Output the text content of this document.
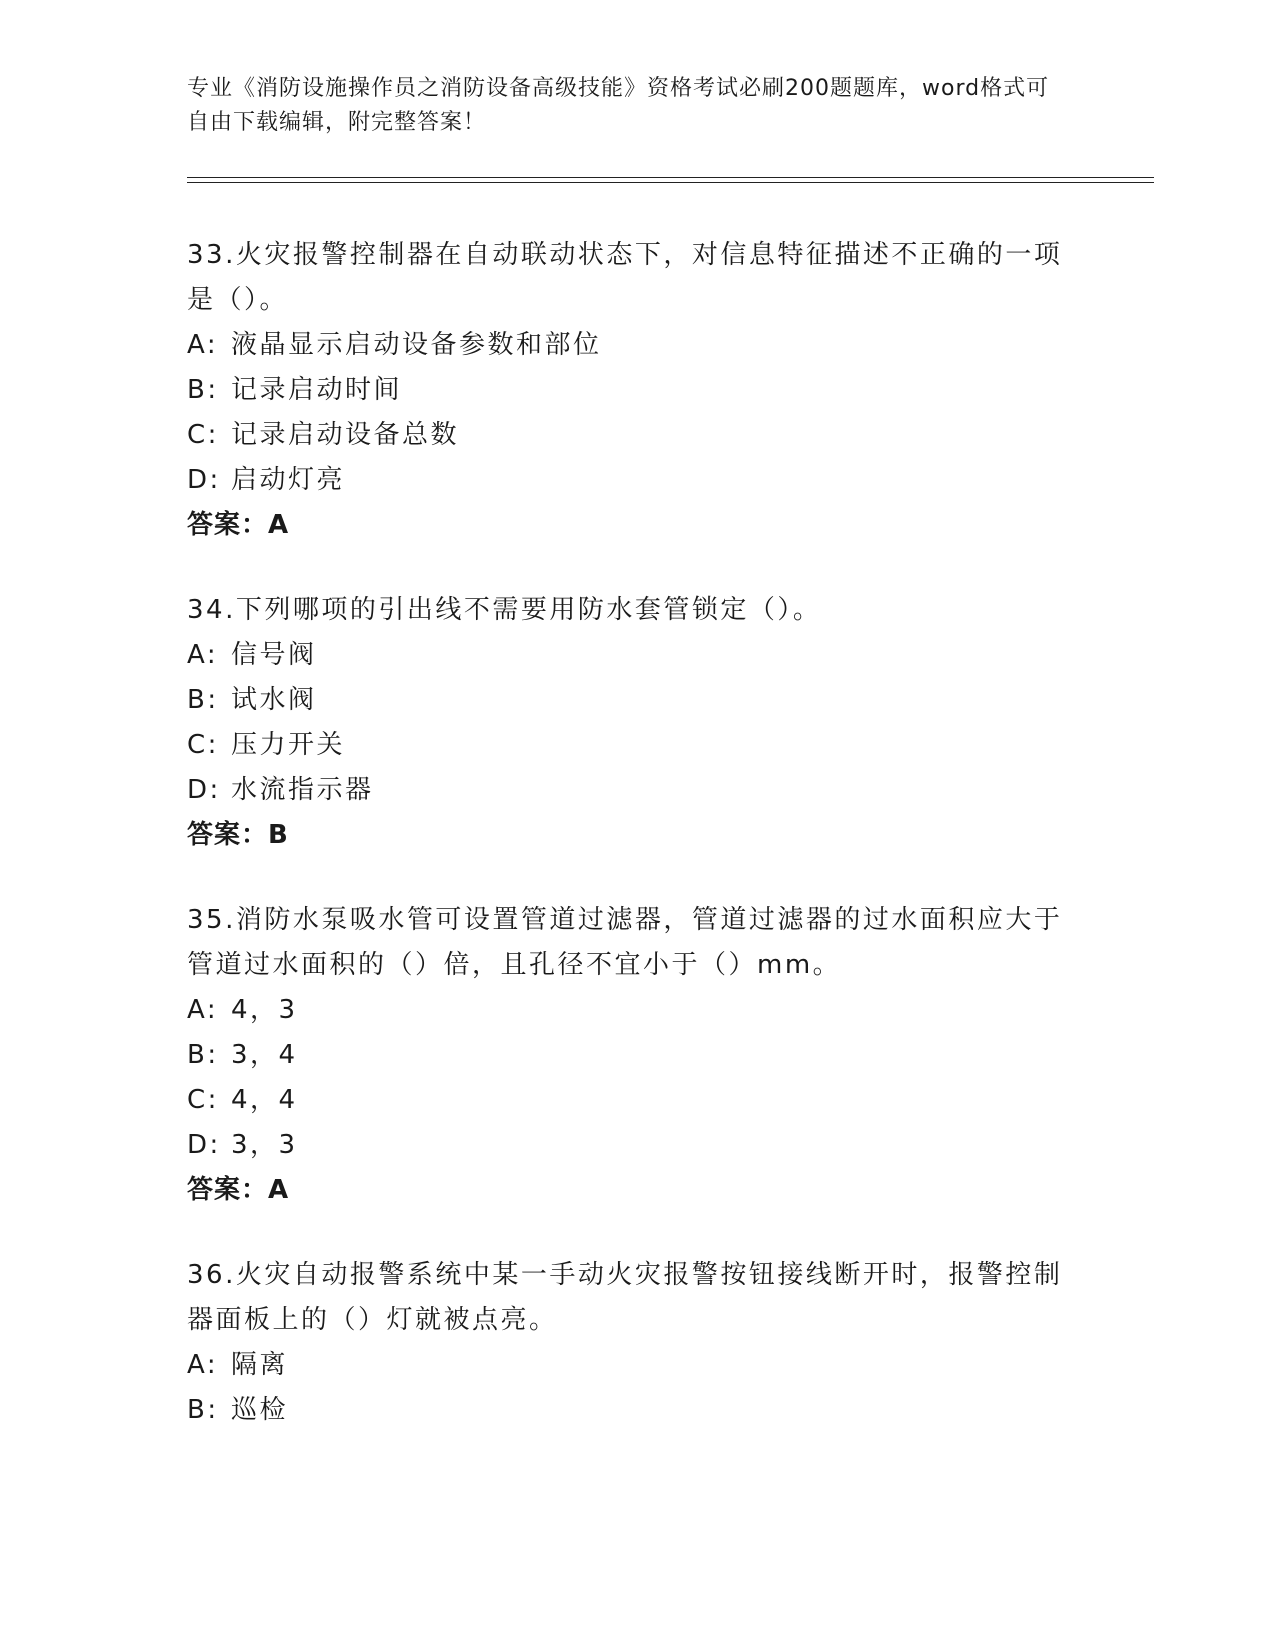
专业《消防设施操作员之消防设备高级技能》资格考试必刷200题题库，word格式可自由下载编辑，附完整答案！
33.火灾报警控制器在自动联动状态下，对信息特征描述不正确的一项是（）。
A: 液晶显示启动设备参数和部位
B: 记录启动时间
C: 记录启动设备总数
D: 启动灯亮
答案：A
34.下列哪项的引出线不需要用防水套管锁定（）。
A: 信号阀
B: 试水阀
C: 压力开关
D: 水流指示器
答案：B
35.消防水泵吸水管可设置管道过滤器，管道过滤器的过水面积应大于管道过水面积的（）倍，且孔径不宜小于（）mm。
A: 4，3
B: 3，4
C: 4，4
D: 3，3
答案：A
36.火灾自动报警系统中某一手动火灾报警按钮接线断开时，报警控制器面板上的（）灯就被点亮。
A: 隔离
B: 巡检
